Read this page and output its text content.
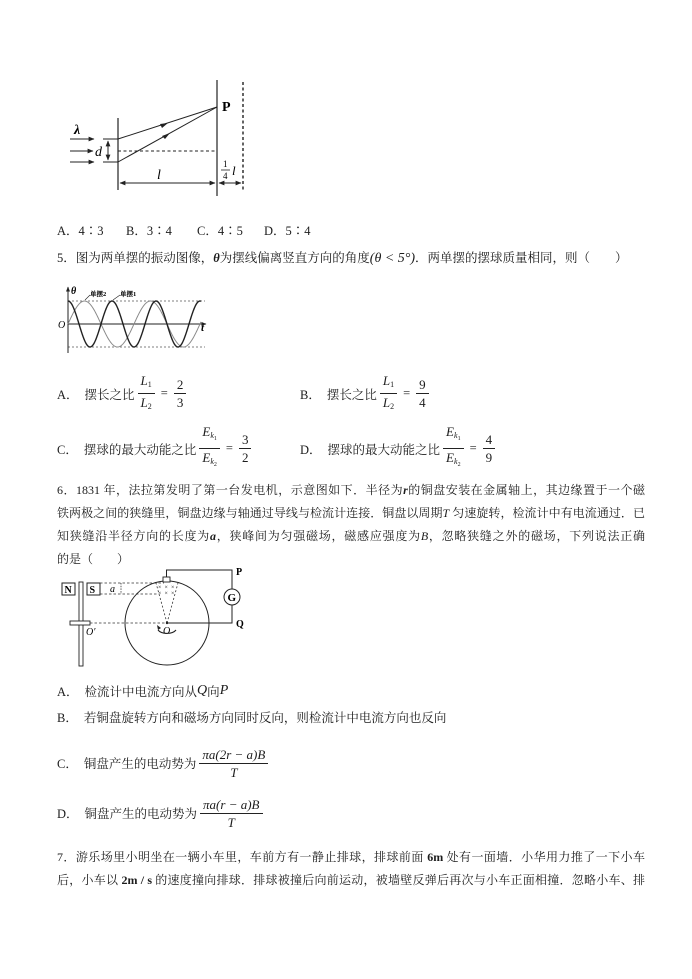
λ
d
P
l
1
4 l
A．4∶3 B．3∶4 C．4∶5 D．5∶4
5．图为两单摆的振动图像，θ为摆线偏离竖直方向的角度(θ < 5°)．两单摆的摆球质量相同，则（　　）
θ
O	t
单摆2 单摆1
A． 摆长之比 $\frac{L_1}{L_2} = \frac{2}{3}$	B． 摆长之比 $\frac{L_1}{L_2} = \frac{9}{4}$
C． 摆球的最大动能之比 $\frac{E_{k_1}}{E_{k_2}} = \frac{3}{2}$	D． 摆球的最大动能之比 $\frac{E_{k_1}}{E_{k_2}} = \frac{4}{9}$
6．1831 年，法拉第发明了第一台发电机，示意图如下．半径为r的铜盘安装在金属轴上，其边缘置于一个磁
铁两极之间的狭缝里，铜盘边缘与轴通过导线与检流计连接．铜盘以周期T 匀速旋转，检流计中有电流通过．已
知狭缝沿半径方向的长度为a，狭峰间为匀强磁场，磁感应强度为B，忽略狭缝之外的磁场，下列说法正确
的是（　　）
N S
O′
a	× × ×
× × ×
O
G
P
Q
A． 检流计中电流方向从 Q 向 P
B． 若铜盘旋转方向和磁场方向同时反向，则检流计中电流方向也反向
C． 铜盘产生的电动势为 $\frac{\pi a(2r - a)B}{T}$
D． 铜盘产生的电动势为 $\frac{\pi a(r - a)B}{T}$
7．游乐场里小明坐在一辆小车里，车前方有一静止排球，排球前面 6m 处有一面墙．小华用力推了一下小车
后，小车以 2m / s 的速度撞向排球．排球被撞后向前运动，被墙壁反弹后再次与小车正面相撞．忽略小车、排
